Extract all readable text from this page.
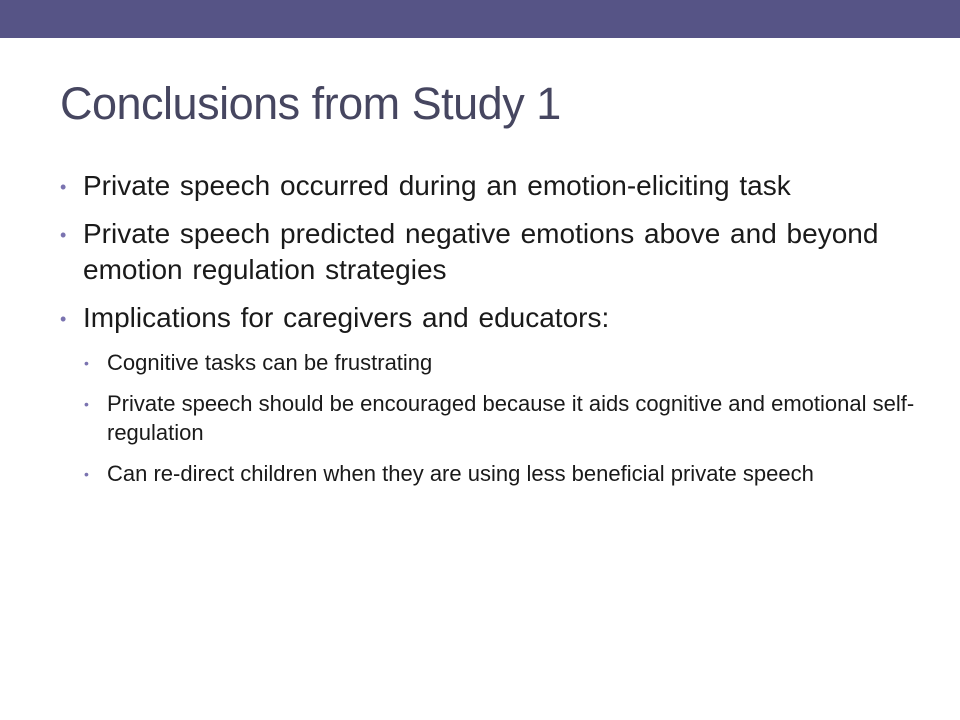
Conclusions from Study 1
• Private speech occurred during an emotion-eliciting task
• Private speech predicted negative emotions above and beyond emotion regulation strategies
• Implications for caregivers and educators:
• Cognitive tasks can be frustrating
• Private speech should be encouraged because it aids cognitive and emotional self-regulation
• Can re-direct children when they are using less beneficial private speech
